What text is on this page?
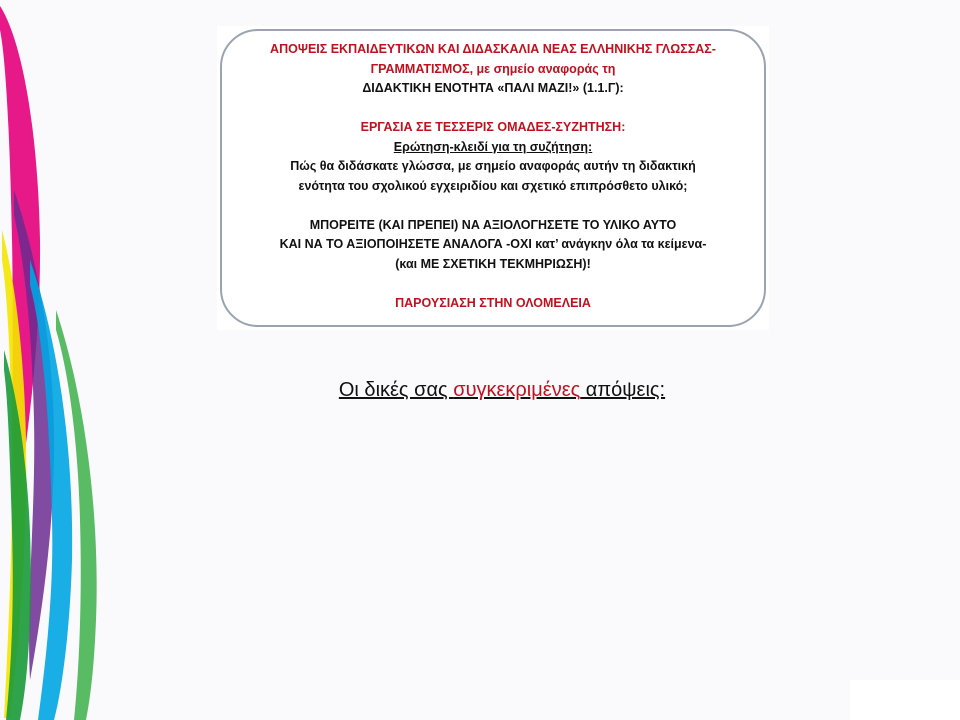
ΑΠΟΨΕΙΣ ΕΚΠΑΙΔΕΥΤΙΚΩΝ ΚΑΙ ΔΙΔΑΣΚΑΛΙΑ ΝΕΑΣ ΕΛΛΗΝΙΚΗΣ ΓΛΩΣΣΑΣ-
ΓΡΑΜΜΑΤΙΣΜΟΣ, με σημείο αναφοράς τη
ΔΙΔΑΚΤΙΚΗ ΕΝΟΤΗΤΑ «ΠΑΛΙ ΜΑΖΙ!» (1.1.Γ):
ΕΡΓΑΣΙΑ ΣΕ ΤΕΣΣΕΡΙΣ ΟΜΑΔΕΣ-ΣΥΖΗΤΗΣΗ:
Ερώτηση-κλειδί για τη συζήτηση:
Πώς θα διδάσκατε γλώσσα, με σημείο αναφοράς αυτήν τη διδακτική
ενότητα του σχολικού εγχειριδίου και σχετικό επιπρόσθετο υλικό;
ΜΠΟΡΕΙΤΕ (ΚΑΙ ΠΡΕΠΕΙ) ΝΑ ΑΞΙΟΛΟΓΗΣΕΤΕ ΤΟ ΥΛΙΚΟ ΑΥΤΟ
ΚΑΙ ΝΑ ΤΟ ΑΞΙΟΠΟΙΗΣΕΤΕ ΑΝΑΛΟΓΑ -ΟΧΙ κατ’ ανάγκην όλα τα κείμενα-
(και ΜΕ ΣΧΕΤΙΚΗ ΤΕΚΜΗΡΙΩΣΗ)!
ΠΑΡΟΥΣΙΑΣΗ ΣΤΗΝ ΟΛΟΜΕΛΕΙΑ
Οι δικές σας συγκεκριμένες απόψεις:
